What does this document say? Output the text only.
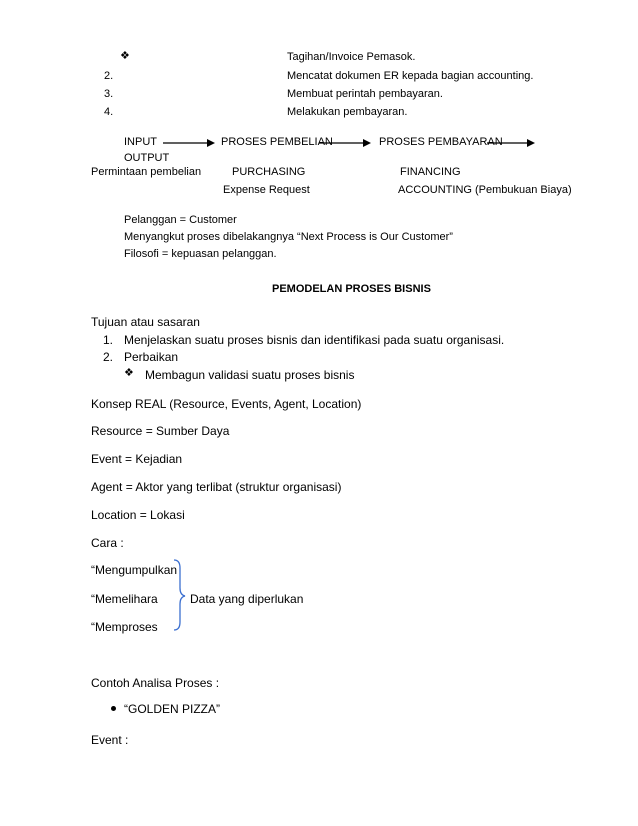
❖	Tagihan/Invoice Pemasok.
2.	Mencatat dokumen ER kepada bagian accounting.
3.	Membuat perintah pembayaran.
4.	Melakukan pembayaran.
INPUT	PROSES PEMBELIAN	PROSES PEMBAYARAN
OUTPUT
Permintaan pembelian	PURCHASING	FINANCING
Expense Request	ACCOUNTING (Pembukuan Biaya)
Pelanggan = Customer
Menyangkut proses dibelakangnya “Next Process is Our Customer”
Filosofi = kepuasan pelanggan.
PEMODELAN PROSES BISNIS
Tujuan atau sasaran
1. Menjelaskan suatu proses bisnis dan identifikasi pada suatu organisasi.
2. Perbaikan
❖ Membagun validasi suatu proses bisnis
Konsep REAL (Resource, Events, Agent, Location)
Resource = Sumber Daya
Event = Kejadian
Agent = Aktor yang terlibat (struktur organisasi)
Location = Lokasi
Cara :
“Mengumpulkan
“Memelihara
“Memproses
Data yang diperlukan
Contoh Analisa Proses :
“GOLDEN PIZZA”
Event :
